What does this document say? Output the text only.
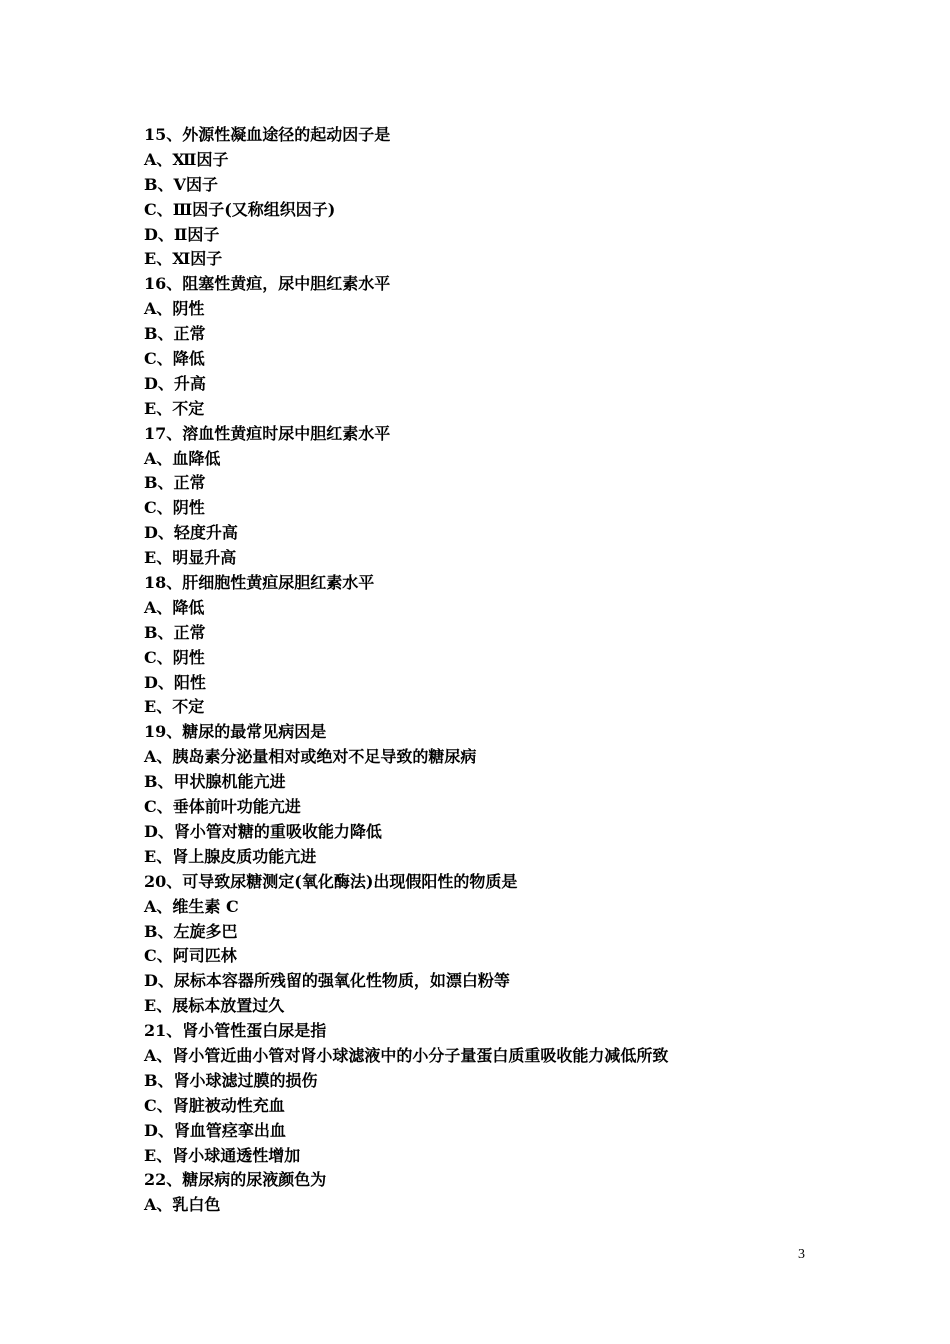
15、外源性凝血途径的起动因子是
A、Ⅻ因子
B、Ⅴ因子
C、Ⅲ因子(又称组织因子)
D、Ⅱ因子
E、Ⅺ因子
16、阻塞性黄疸，尿中胆红素水平
A、阴性
B、正常
C、降低
D、升高
E、不定
17、溶血性黄疸时尿中胆红素水平
A、血降低
B、正常
C、阴性
D、轻度升高
E、明显升高
18、肝细胞性黄疸尿胆红素水平
A、降低
B、正常
C、阴性
D、阳性
E、不定
19、糖尿的最常见病因是
A、胰岛素分泌量相对或绝对不足导致的糖尿病
B、甲状腺机能亢进
C、垂体前叶功能亢进
D、肾小管对糖的重吸收能力降低
E、肾上腺皮质功能亢进
20、可导致尿糖测定(氧化酶法)出现假阳性的物质是
A、维生素 C
B、左旋多巴
C、阿司匹林
D、尿标本容器所残留的强氧化性物质，如漂白粉等
E、展标本放置过久
21、肾小管性蛋白尿是指
A、肾小管近曲小管对肾小球滤液中的小分子量蛋白质重吸收能力减低所致
B、肾小球滤过膜的损伤
C、肾脏被动性充血
D、肾血管痉挛出血
E、肾小球通透性增加
22、糖尿病的尿液颜色为
A、乳白色
3
